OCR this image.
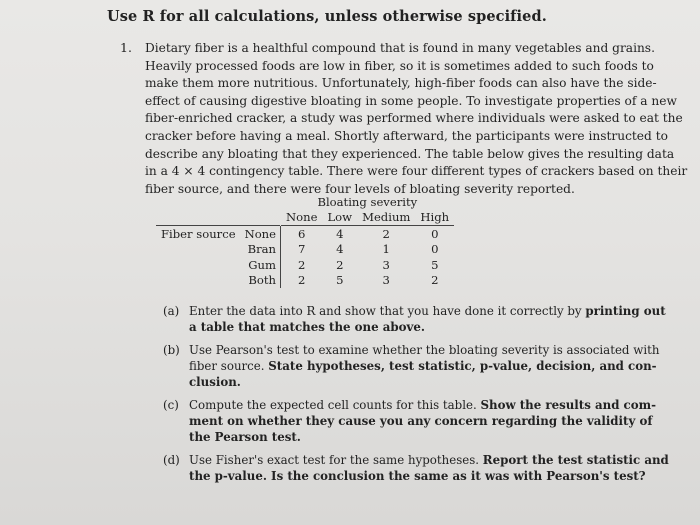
Use R for all calculations, unless otherwise specified.
1. Dietary fiber is a healthful compound that is found in many vegetables and grains.
Heavily processed foods are low in fiber, so it is sometimes added to such foods to
make them more nutritious. Unfortunately, high-fiber foods can also have the side-
effect of causing digestive bloating in some people. To investigate properties of a new
fiber-enriched cracker, a study was performed where individuals were asked to eat the
cracker before having a meal. Shortly afterward, the participants were instructed to
describe any bloating that they experienced. The table below gives the resulting data
in a 4 × 4 contingency table. There were four different types of crackers based on their
fiber source, and there were four levels of bloating severity reported.
		Bloating severity			
		None	Low	Medium	High
Fiber source	None	6	4	2	0
	Bran	7	4	1	0
	Gum	2	2	3	5
	Both	2	5	3	2
(a) Enter the data into R and show that you have done it correctly by printing out
a table that matches the one above.
(b) Use Pearson's test to examine whether the bloating severity is associated with
fiber source. State hypotheses, test statistic, p-value, decision, and con-
clusion.
(c) Compute the expected cell counts for this table. Show the results and com-
ment on whether they cause you any concern regarding the validity of
the Pearson test.
(d) Use Fisher's exact test for the same hypotheses. Report the test statistic and
the p-value. Is the conclusion the same as it was with Pearson's test?
